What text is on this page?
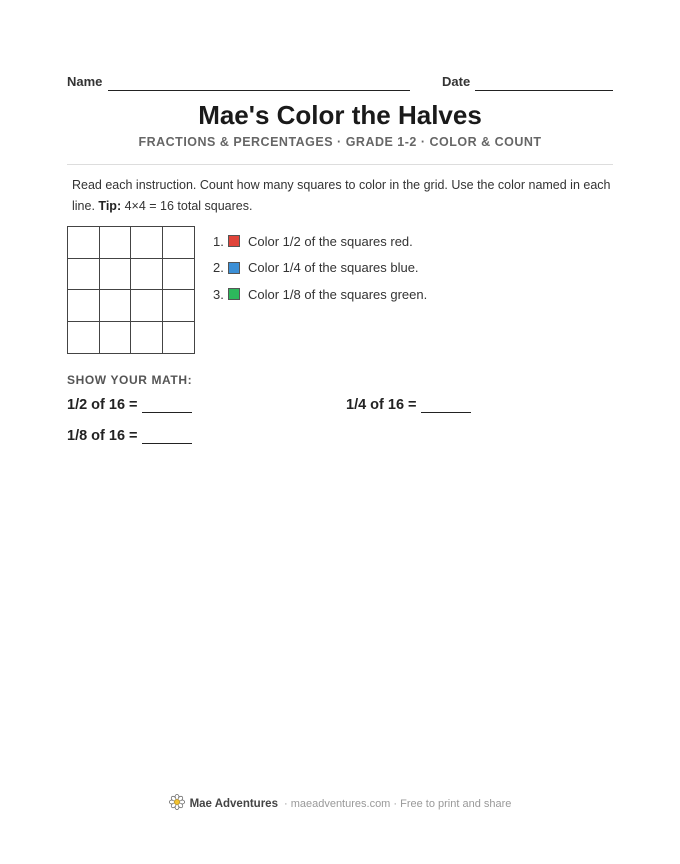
Name	Date
Mae's Color the Halves
FRACTIONS & PERCENTAGES · GRADE 1-2 · COLOR & COUNT
Read each instruction. Count how many squares to color in the grid. Use the color named in each line. Tip: 4×4 = 16 total squares.
1.	Color 1/2 of the squares red.
2.	Color 1/4 of the squares blue.
3.	Color 1/8 of the squares green.
SHOW YOUR MATH:
1/2 of 16 =	1/4 of 16 =
1/8 of 16 =
Mae Adventures · maeadventures.com · Free to print and share
